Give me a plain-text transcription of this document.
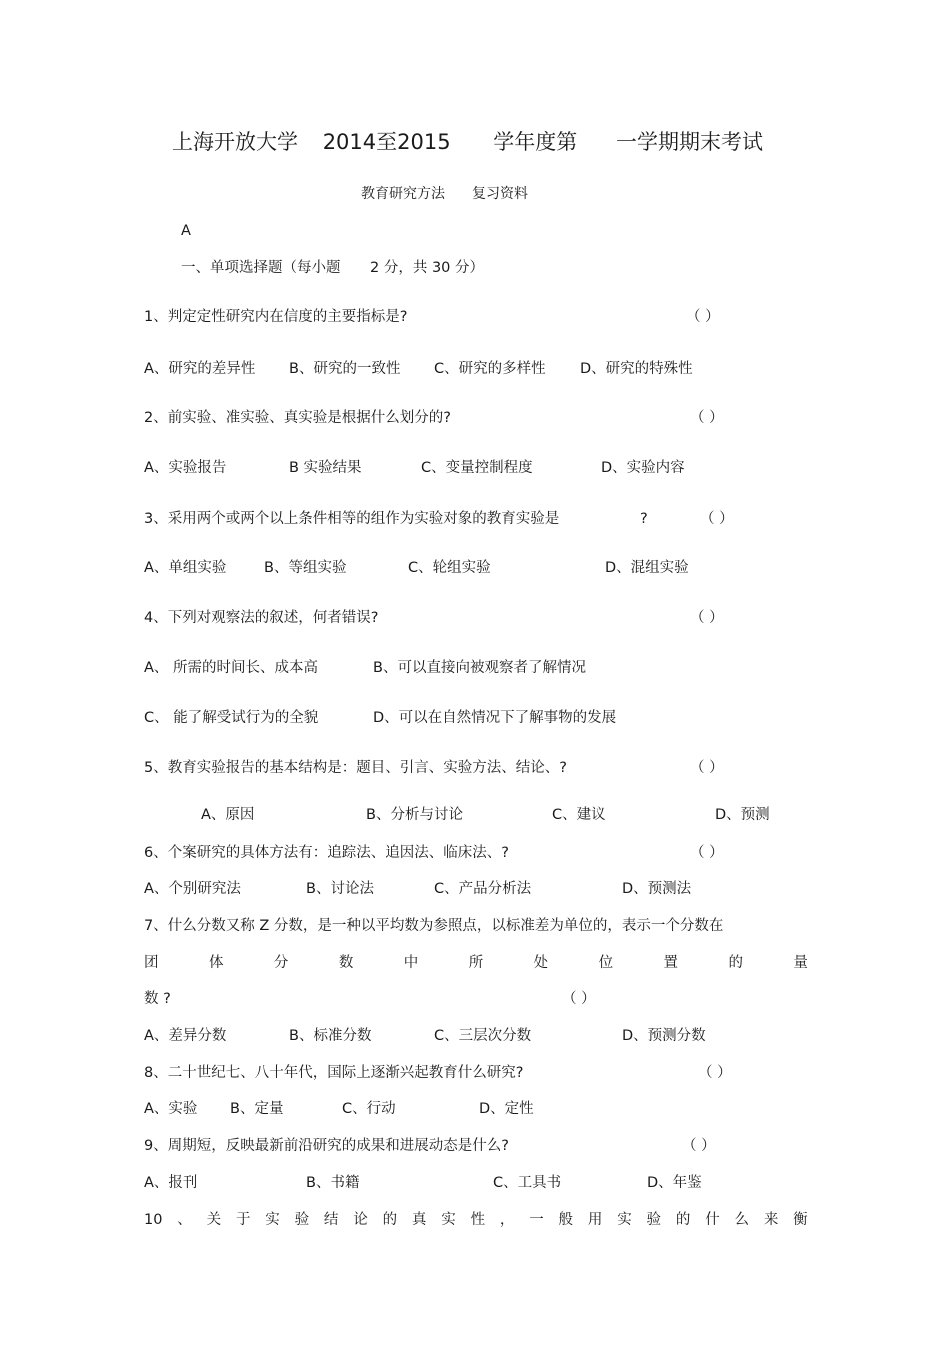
上海开放大学 2014至2015 学年度第 一学期期末考试
教育研究方法 复习资料
A
一、单项选择题（每小题 2 分，共 30 分）
1、判定定性研究内在信度的主要指标是?	（ ）
A、研究的差异性 B、研究的一致性 C、研究的多样性 D、研究的特殊性
2、前实验、准实验、真实验是根据什么划分的?	（ ）
A、实验报告	B 实验结果	C、变量控制程度	D、实验内容
3、采用两个或两个以上条件相等的组作为实验对象的教育实验是	?	（ ）
A、单组实验	B、等组实验	C、轮组实验	D、混组实验
4、下列对观察法的叙述，何者错误?	（ ）
A、 所需的时间长、成本高	B、可以直接向被观察者了解情况
C、 能了解受试行为的全貌	D、可以在自然情况下了解事物的发展
5、教育实验报告的基本结构是：题目、引言、实验方法、结论、?	（ ）
A、原因	B、分析与讨论	C、建议	D、预测
6、个案研究的具体方法有：追踪法、追因法、临床法、?	（ ）
A、个别研究法	B、讨论法	C、产品分析法	D、预测法
7、什么分数又称 Z 分数，是一种以平均数为参照点，以标准差为单位的，表示一个分数在
团	体	分	数	中	所	处	位	置	的	量
数 ?	（ ）
A、差异分数	B、标准分数	C、三层次分数	D、预测分数
8、二十世纪七、八十年代，国际上逐渐兴起教育什么研究?	（ ）
A、实验 B、定量	C、行动	D、定性
9、周期短，反映最新前沿研究的成果和进展动态是什么?	（ ）
A、报刊	B、书籍	C、工具书	D、年鉴
10 、 关 于 实 验 结 论 的 真 实 性 ， 一 般 用 实 验 的 什 么 来 衡
